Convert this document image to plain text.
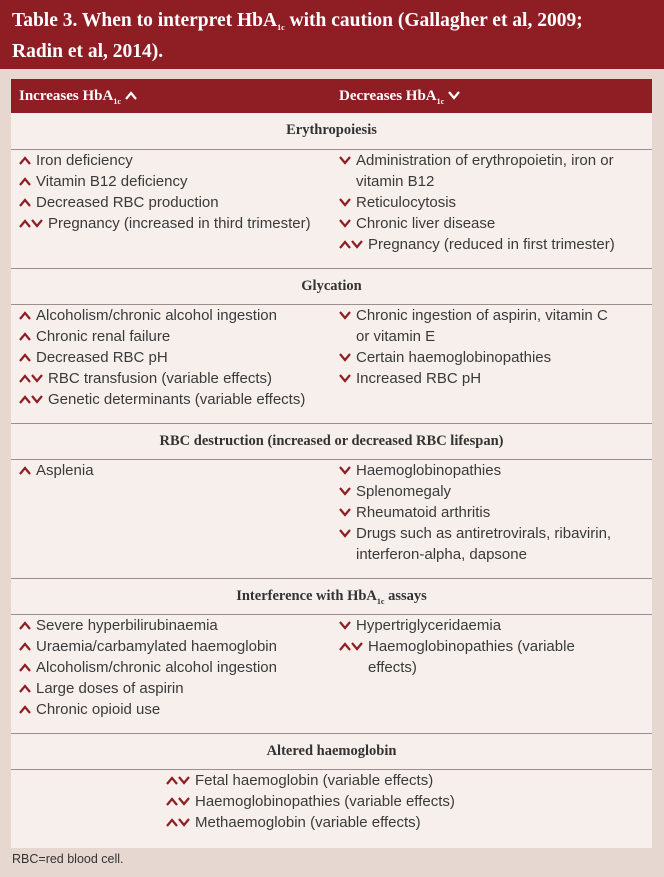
Table 3. When to interpret HbA$_{1c}$ with caution (Gallagher et al, 2009;
Radin et al, 2014).
Increases HbA$_{1c}$	Decreases HbA$_{1c}$
Erythropoiesis
Iron deficiency
Vitamin B12 deficiency
Decreased RBC production
Pregnancy (increased in third trimester)
Administration of erythropoietin, iron or
vitamin B12
Reticulocytosis
Chronic liver disease
Pregnancy (reduced in first trimester)
Glycation
Alcoholism/chronic alcohol ingestion
Chronic renal failure
Decreased RBC pH
RBC transfusion (variable effects)
Genetic determinants (variable effects)
Chronic ingestion of aspirin, vitamin C
or vitamin E
Certain haemoglobinopathies
Increased RBC pH
RBC destruction (increased or decreased RBC lifespan)
Asplenia	Haemoglobinopathies
Splenomegaly
Rheumatoid arthritis
Drugs such as antiretrovirals, ribavirin,
interferon-alpha, dapsone
Interference with HbA$_{1c}$ assays
Severe hyperbilirubinaemia
Uraemia/carbamylated haemoglobin
Alcoholism/chronic alcohol ingestion
Large doses of aspirin
Chronic opioid use
Hypertriglyceridaemia
Haemoglobinopathies (variable
effects)
Altered haemoglobin
Fetal haemoglobin (variable effects)
Haemoglobinopathies (variable effects)
Methaemoglobin (variable effects)
RBC=red blood cell.
